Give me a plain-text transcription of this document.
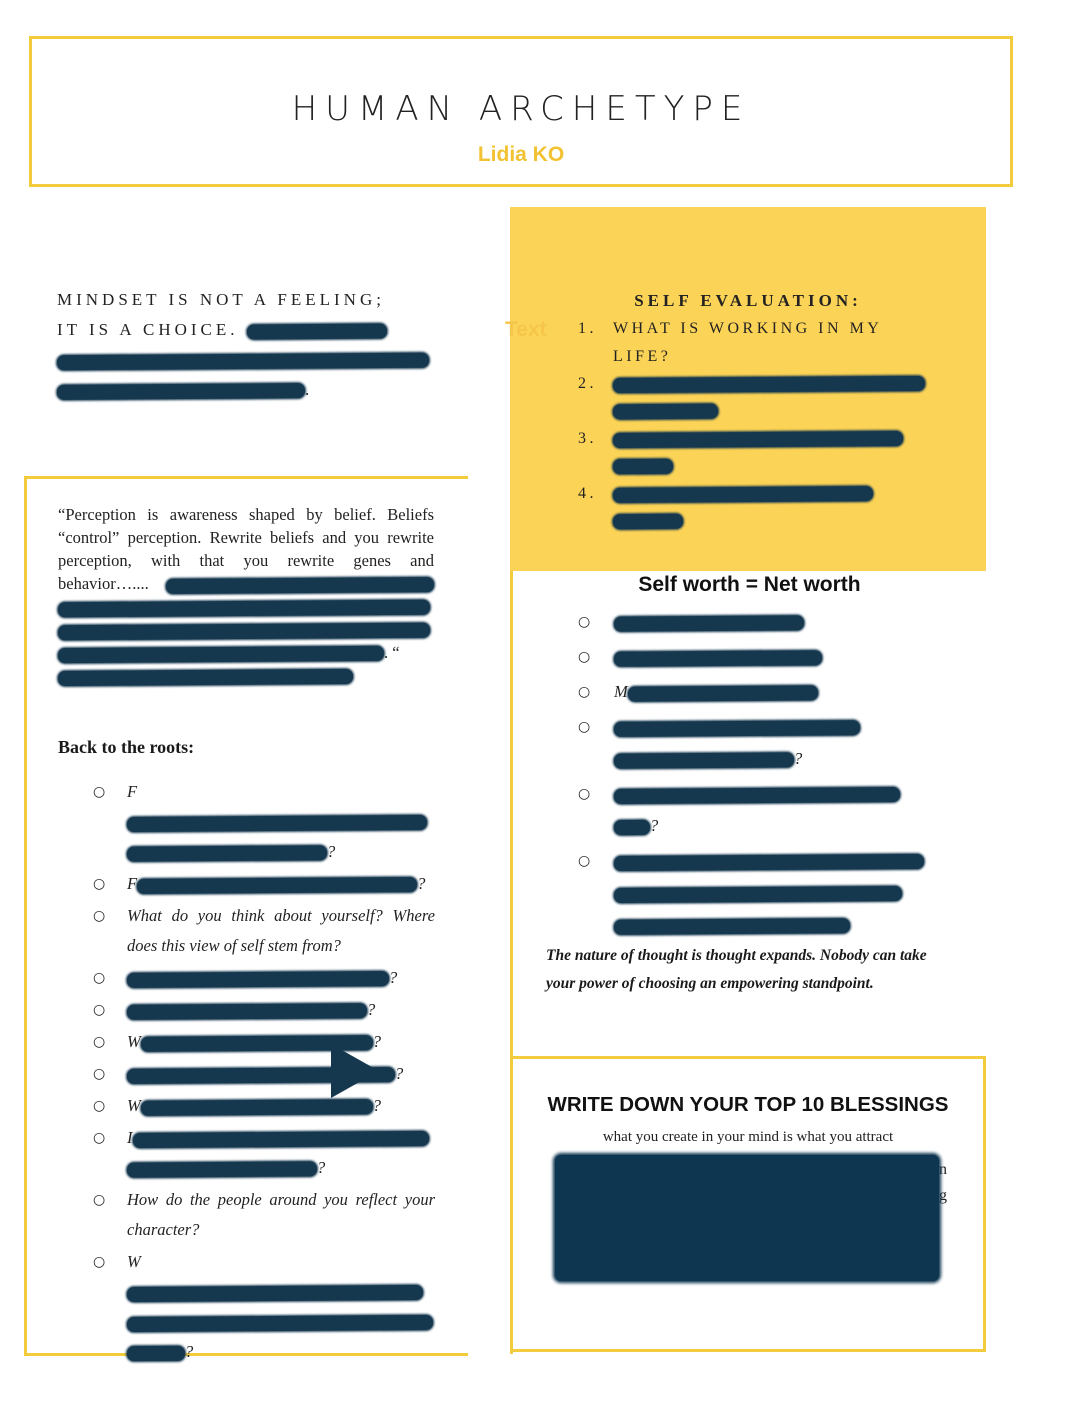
HUMAN ARCHETYPE
Lidia KO
MINDSET IS NOT A FEELING;
IT IS A CHOICE.
.
SELF EVALUATION:
1. WHAT IS WORKING IN MY LIFE?
2.

3.

4.

Text
“Perception is awareness shaped by belief. Beliefs “control” perception. Rewrite beliefs and you rewrite perception, with that you rewrite genes and behavior…....    . “

Back to the roots:
○ F
?
○ F	?
○ What do you think about yourself? Where does this view of self stem from?
○	?
○	?
○ W	?
○	?
○ W	?
○ I
?
○ How do the people around you reflect your character?
○ W

?
Self worth = Net worth
○
○
○ M
○

?
○

?
○

The nature of thought is thought expands. Nobody can take your power of choosing an empowering standpoint.
WRITE DOWN YOUR TOP 10 BLESSINGS
what you create in your mind is what you attract
n
g
